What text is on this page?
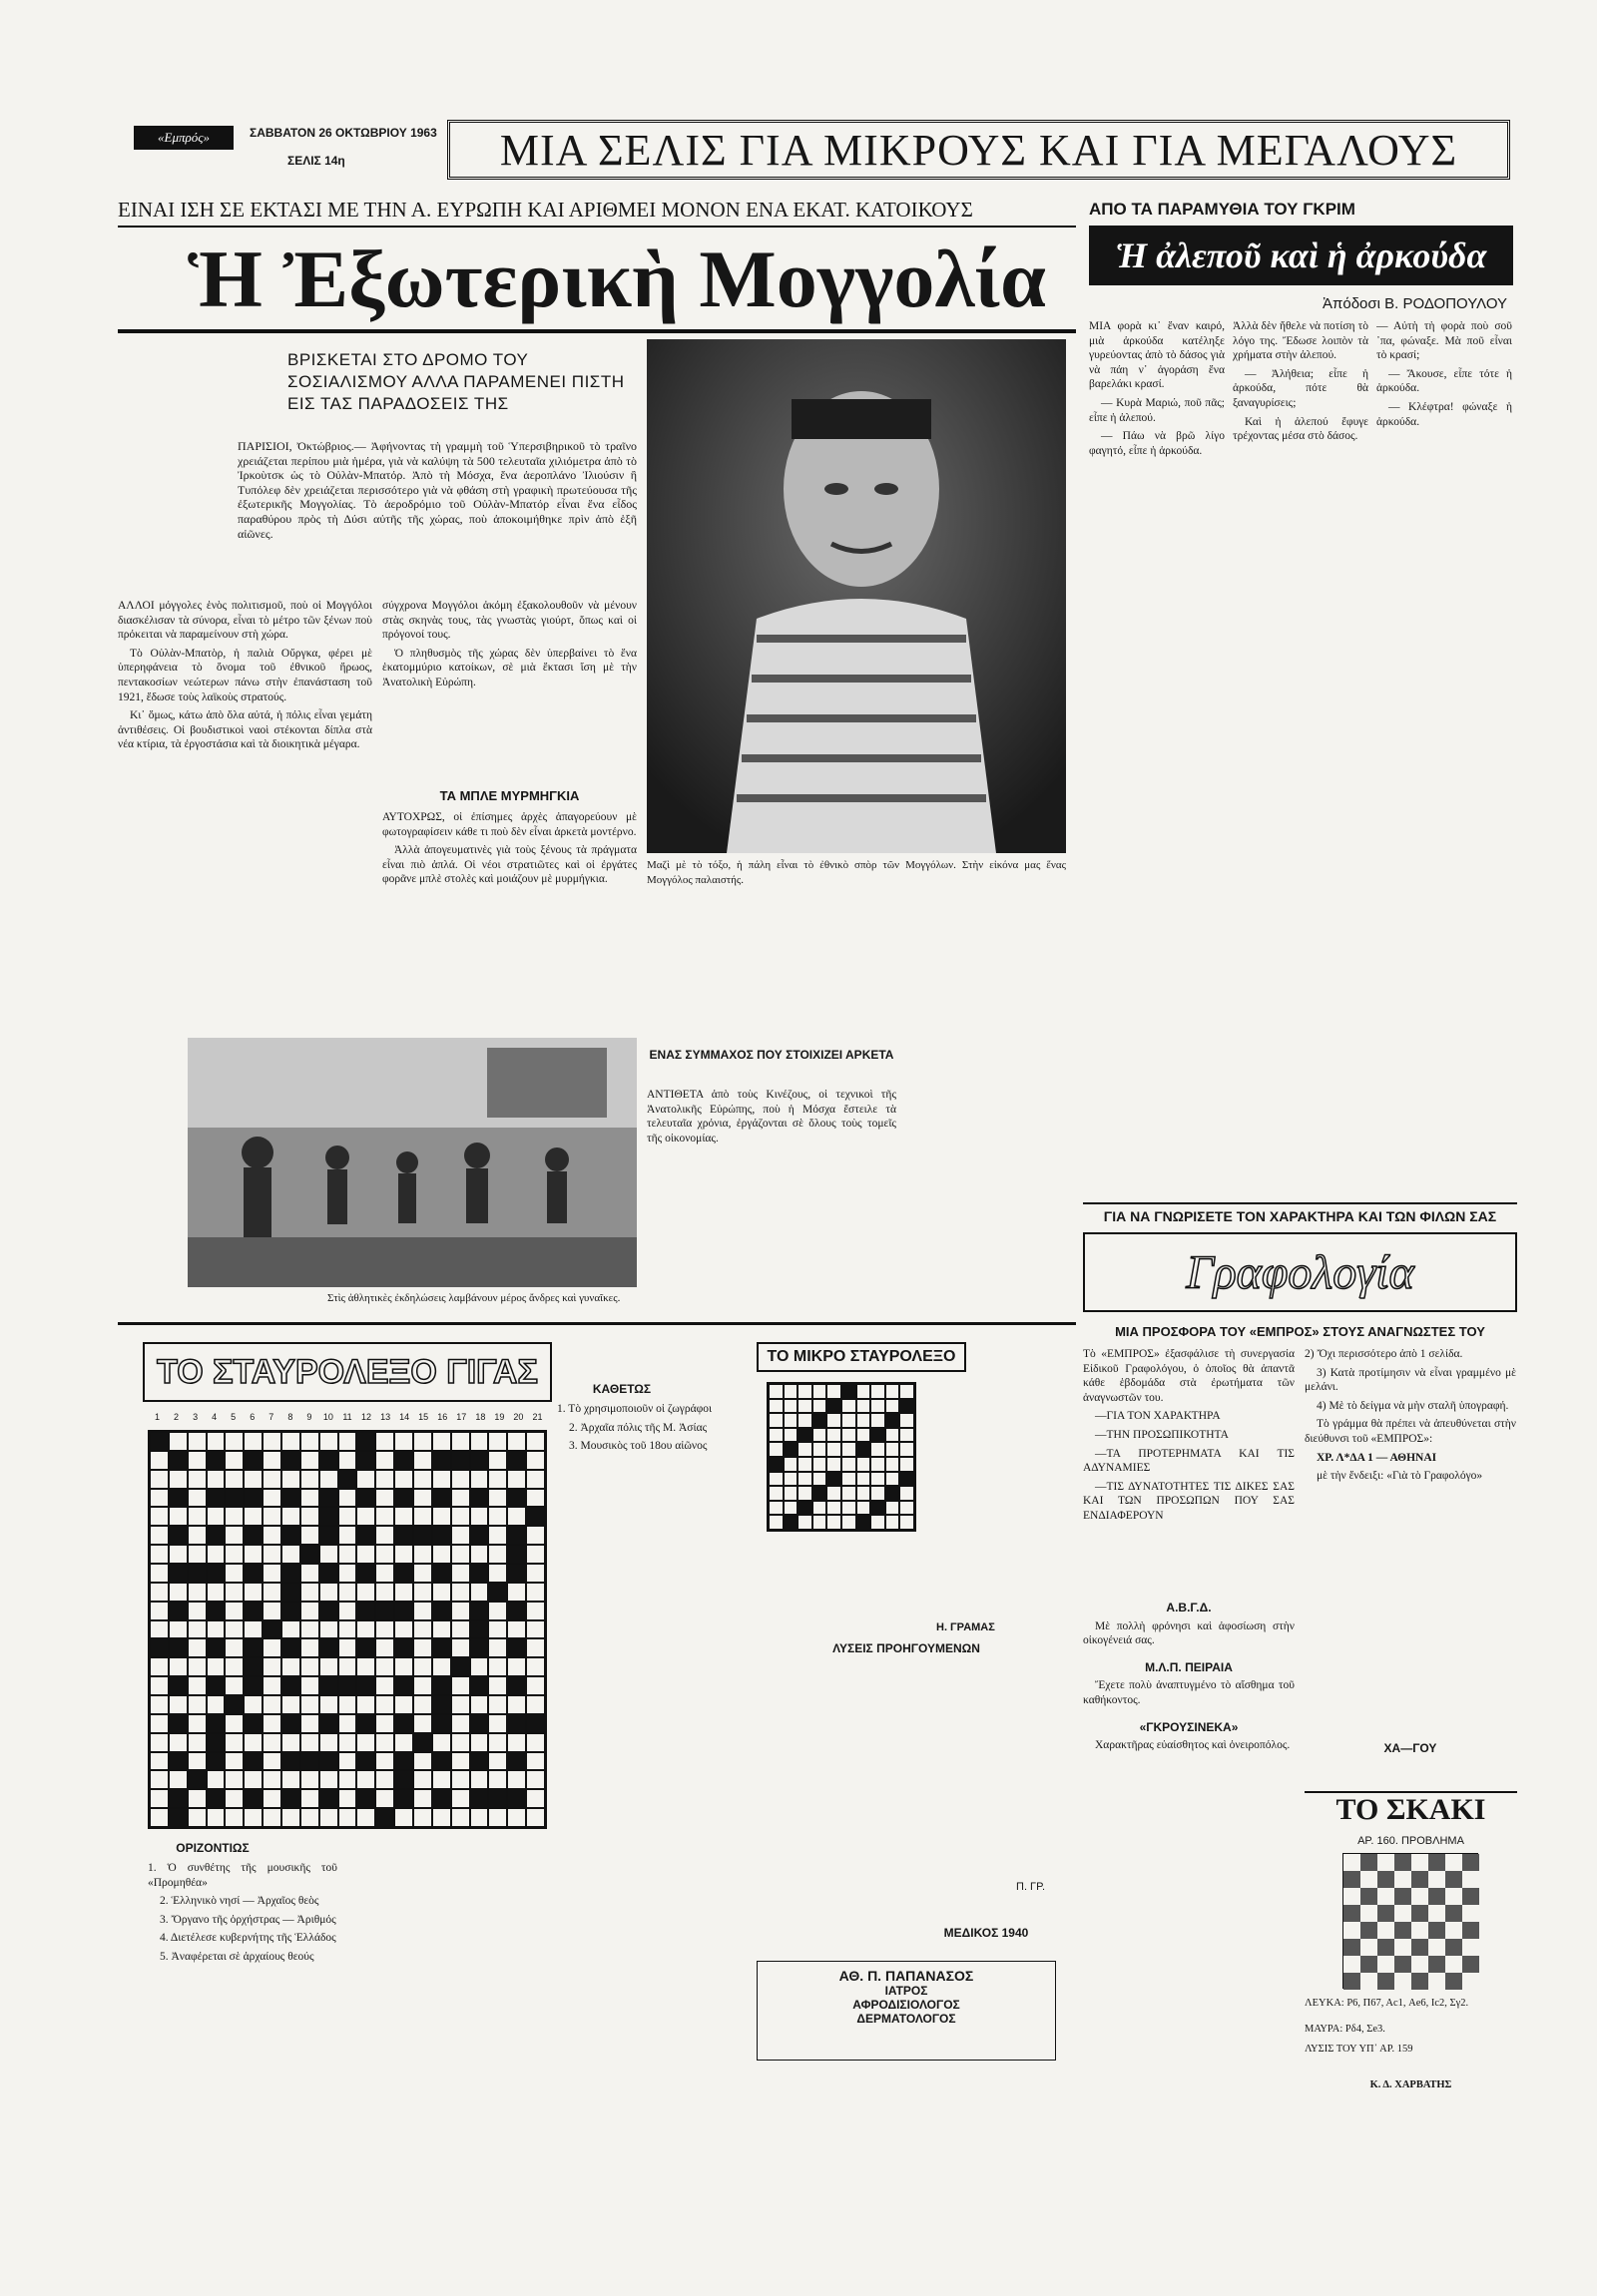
«Εμπρός»	ΣΑΒΒΑΤΟΝ 26 ΟΚΤΩΒΡΙΟΥ 1963
ΣΕΛΙΣ 14η	ΜΙΑ ΣΕΛΙΣ ΓΙΑ ΜΙΚΡΟΥΣ ΚΑΙ ΓΙΑ ΜΕΓΑΛΟΥΣ
ΕΙΝΑΙ ΙΣΗ ΣΕ ΕΚΤΑΣΙ ΜΕ ΤΗΝ Α. ΕΥΡΩΠΗ ΚΑΙ ΑΡΙΘΜΕΙ ΜΟΝΟΝ ΕΝΑ ΕΚΑΤ. ΚΑΤΟΙΚΟΥΣ
Ἡ Ἐξωτερικὴ Μογγολία
ΒΡΙΣΚΕΤΑΙ ΣΤΟ ΔΡΟΜΟ ΤΟΥ ΣΟΣΙΑΛΙΣΜΟΥ ΑΛΛΑ ΠΑΡΑΜΕΝΕΙ ΠΙΣΤΗ ΕΙΣ ΤΑΣ ΠΑΡΑΔΟΣΕΙΣ ΤΗΣ
ΠΑΡΙΣΙΟΙ, Ὀκτώβριος.— Ἀφήνοντας τὴ γραμμὴ τοῦ Ὑπερσιβηρικοῦ τὸ τραῖνο χρειάζεται περίπου μιὰ ἡμέρα, γιὰ νὰ καλύψη τὰ 500 τελευταῖα χιλιόμετρα ἀπὸ τὸ Ἰρκοὺτσκ ὡς τὸ Οὐλὰν-Μπατόρ. Ἀπὸ τὴ Μόσχα, ἕνα ἀεροπλάνο Ἰλιούσιν ἢ Τυπόλεφ δὲν χρειάζεται περισσότερο γιὰ νὰ φθάση στὴ γραφικὴ πρωτεύουσα τῆς ἐξωτερικῆς Μογγολίας. Τὸ ἀεροδρόμιο τοῦ Οὐλὰν-Μπατόρ εἶναι ἕνα εἶδος παραθύρου πρὸς τὴ Δύσι αὐτῆς τῆς χώρας, ποὺ ἀποκοιμήθηκε πρὶν ἀπὸ ἑξῆ αἰῶνες.

ΑΛΛΟΙ μόγγολες ἑνὸς πολιτισμοῦ, ποὺ οἱ Μογγόλοι διασκέλισαν τὰ σύνορα, εἶναι τὸ μέτρο τῶν ξένων ποὺ πρόκειται νὰ παραμείνουν στὴ χώρα.

Τὸ Οὐλὰν-Μπατὸρ, ἡ παλιὰ Οὔργκα, φέρει μὲ ὑπερηφάνεια τὸ ὄνομα τοῦ ἐθνικοῦ ἥρωος, πεντακοσίων νεώτερων πάνω στὴν ἐπανάσταση τοῦ 1921, ἔδωσε τοὺς λαϊκοὺς στρατούς.

Κι᾽ ὅμως, κάτω ἀπὸ ὅλα αὐτά, ἡ πόλις εἶναι γεμάτη ἀντιθέσεις. Οἱ βουδιστικοὶ ναοὶ στέκονται δίπλα στὰ νέα κτίρια, τὰ ἐργοστάσια καὶ τὰ διοικητικὰ μέγαρα.

σύγχρονα Μογγόλοι ἀκόμη ἐξακολουθοῦν νὰ μένουν στὰς σκηνὰς τους, τὰς γνωστὰς γιούρτ, ὅπως καὶ οἱ πρόγονοί τους.

Ὁ πληθυσμὸς τῆς χώρας δὲν ὑπερβαίνει τὸ ἕνα ἑκατομμύριο κατοίκων, σὲ μιὰ ἔκτασι ἴση μὲ τὴν Ἀνατολικὴ Εὐρώπη.

ΤΑ ΜΠΛΕ ΜΥΡΜΗΓΚΙΑ

ΑΥΤΟΧΡΩΣ, οἱ ἐπίσημες ἀρχὲς ἀπαγορεύουν μὲ φωτογραφίσειν κάθε τι ποὺ δὲν εἶναι ἀρκετὰ μοντέρνο.

Ἀλλὰ ἀπογευματινὲς γιὰ τοὺς ξένους τὰ πράγματα εἶναι πιὸ ἁπλά. Οἱ νέοι στρατιῶτες καὶ οἱ ἐργάτες φορᾶνε μπλὲ στολὲς καὶ μοιάζουν μὲ μυρμήγκια.

ΕΝΑΣ ΣΥΜΜΑΧΟΣ ΠΟΥ ΣΤΟΙΧΙΖΕΙ ΑΡΚΕΤΑ

ΑΝΤΙΘΕΤΑ ἀπὸ τοὺς Κινέζους, οἱ τεχνικοὶ τῆς Ἀνατολικῆς Εὐρώπης, ποὺ ἡ Μόσχα ἔστειλε τὰ τελευταῖα χρόνια, ἐργάζονται σὲ ὅλους τοὺς τομεῖς τῆς οἰκονομίας.

Μαζὶ μὲ τὸ τόξο, ἡ πάλη εἶναι τὸ ἐθνικὸ σπὸρ τῶν Μογγόλων. Στὴν εἰκόνα μας ἕνας Μογγόλος παλαιστής.
Στὶς ἀθλητικὲς ἐκδηλώσεις λαμβάνουν μέρος ἄνδρες καὶ γυναῖκες.
ΑΠΟ ΤΑ ΠΑΡΑΜΥΘΙΑ ΤΟΥ ΓΚΡΙΜ
Ἡ ἀλεποῦ καὶ ἡ ἀρκούδα
Ἀπόδοσι Β. ΡΟΔΟΠΟΥΛΟΥ

ΜΙΑ φορὰ κι᾽ ἕναν καιρό, μιὰ ἀρκούδα κατέληξε γυρεύοντας ἀπὸ τὸ δάσος γιὰ νὰ πάη ν᾽ ἀγοράση ἕνα βαρελάκι κρασί.

— Κυρὰ Μαριώ, ποῦ πᾶς; εἶπε ἡ ἀλεπού.

— Πάω νὰ βρῶ λίγο φαγητό, εἶπε ἡ ἀρκούδα.

Ἀλλὰ δὲν ἤθελε νὰ ποτίση τὸ λόγο της. Ἔδωσε λοιπὸν τὰ χρήματα στὴν ἀλεπού.

— Ἀλήθεια; εἶπε ἡ ἀρκούδα, πότε θὰ ξαναγυρίσεις;

Καὶ ἡ ἀλεπού ἔφυγε τρέχοντας μέσα στὸ δάσος.

— Αὐτὴ τὴ φορὰ ποὺ σοῦ ᾽πα, φώναξε. Μὰ ποῦ εἶναι τὸ κρασί;

— Ἄκουσε, εἶπε τότε ἡ ἀρκούδα.

— Κλέφτρα! φώναξε ἡ ἀρκούδα.

ΓΙΑ ΝΑ ΓΝΩΡΙΣΕΤΕ ΤΟΝ ΧΑΡΑΚΤΗΡΑ ΚΑΙ ΤΩΝ ΦΙΛΩΝ ΣΑΣ
Γραφολογία
ΜΙΑ ΠΡΟΣΦΟΡΑ ΤΟΥ «ΕΜΠΡΟΣ» ΣΤΟΥΣ ΑΝΑΓΝΩΣΤΕΣ ΤΟΥ

Τὸ «ΕΜΠΡΟΣ» ἐξασφάλισε τὴ συνεργασία Εἰδικοῦ Γραφολόγου, ὁ ὁποῖος θὰ ἀπαντᾶ κάθε ἑβδομάδα στὰ ἐρωτήματα τῶν ἀναγνωστῶν του.

—ΓΙΑ ΤΟΝ ΧΑΡΑΚΤΗΡΑ

—ΤΗΝ ΠΡΟΣΩΠΙΚΟΤΗΤΑ

—ΤΑ ΠΡΟΤΕΡΗΜΑΤΑ ΚΑΙ ΤΙΣ ΑΔΥΝΑΜΙΕΣ

—ΤΙΣ ΔΥΝΑΤΟΤΗΤΕΣ ΤΙΣ ΔΙΚΕΣ ΣΑΣ ΚΑΙ ΤΩΝ ΠΡΟΣΩΠΩΝ ΠΟΥ ΣΑΣ ΕΝΔΙΑΦΕΡΟΥΝ

2) Ὄχι περισσότερο ἀπὸ 1 σελίδα.

3) Κατὰ προτίμησιν νὰ εἶναι γραμμένο μὲ μελάνι.

4) Μὲ τὸ δείγμα νὰ μὴν σταλῆ ὑπογραφή.

Τὸ γράμμα θὰ πρέπει νὰ ἀπευθύνεται στὴν διεύθυνσι τοῦ «ΕΜΠΡΟΣ»:

ΧΡ. Λ*ΔΑ 1 — ΑΘΗΝΑΙ

μὲ τὴν ἔνδειξι: «Γιὰ τὸ Γραφολόγο»

Α.Β.Γ.Δ.

Μὲ πολλὴ φρόνησι καὶ ἀφοσίωση στὴν οἰκογένειά σας.

Μ.Λ.Π. ΠΕΙΡΑΙΑ

Ἔχετε πολὺ ἀναπτυγμένο τὸ αἴσθημα τοῦ καθήκοντος.

«ΓΚΡΟΥΣΙΝΕΚΑ»

Χαρακτῆρας εὐαίσθητος καὶ ὀνειροπόλος.	ΧΑ—ΓΟΥ
ΤΟ ΣΚΑΚΙ
ΑΡ. 160. ΠΡΟΒΛΗΜΑ
ΛΕΥΚΑ: Ρ6, Π67, Αc1, Αe6, Ιc2, Σγ2.
ΜΑΥΡΑ: Ρδ4, Σe3.
ΛΥΣΙΣ ΤΟΥ ΥΠ᾽ ΑΡ. 159
Κ. Δ. ΧΑΡΒΑΤΗΣ
ΤΟ ΣΤΑΥΡΟΛΕΞΟ ΓΙΓΑΣ
1	2	3	4	5	6	7	8	9	10	11	12	13	14	15	16	17	18	19	20	21
ΟΡΙΖΟΝΤΙΩΣ

1. Ὁ συνθέτης τῆς μουσικῆς τοῦ «Προμηθέα»

2. Ἑλληνικὸ νησί — Ἀρχαῖος θεὸς

3. Ὄργανο τῆς ὀρχήστρας — Ἀριθμός

4. Διετέλεσε κυβερνήτης τῆς Ἑλλάδος

5. Ἀναφέρεται σὲ ἀρχαίους θεούς

ΚΑΘΕΤΩΣ

1. Τὸ χρησιμοποιοῦν οἱ ζωγράφοι

2. Ἀρχαῖα πόλις τῆς Μ. Ἀσίας

3. Μουσικὸς τοῦ 18ου αἰῶνος

ΤΟ ΜΙΚΡΟ ΣΤΑΥΡΟΛΕΞΟ
Η. ΓΡΑΜΑΣ
ΛΥΣΕΙΣ ΠΡΟΗΓΟΥΜΕΝΩΝ
ΑΘ. Π. ΠΑΠΑΝΑΣΟΣ
ΙΑΤΡΟΣ
ΑΦΡΟΔΙΣΙΟΛΟΓΟΣ
ΔΕΡΜΑΤΟΛΟΓΟΣ
Π. ΓΡ.
ΜΕΔΙΚΟΣ 1940
